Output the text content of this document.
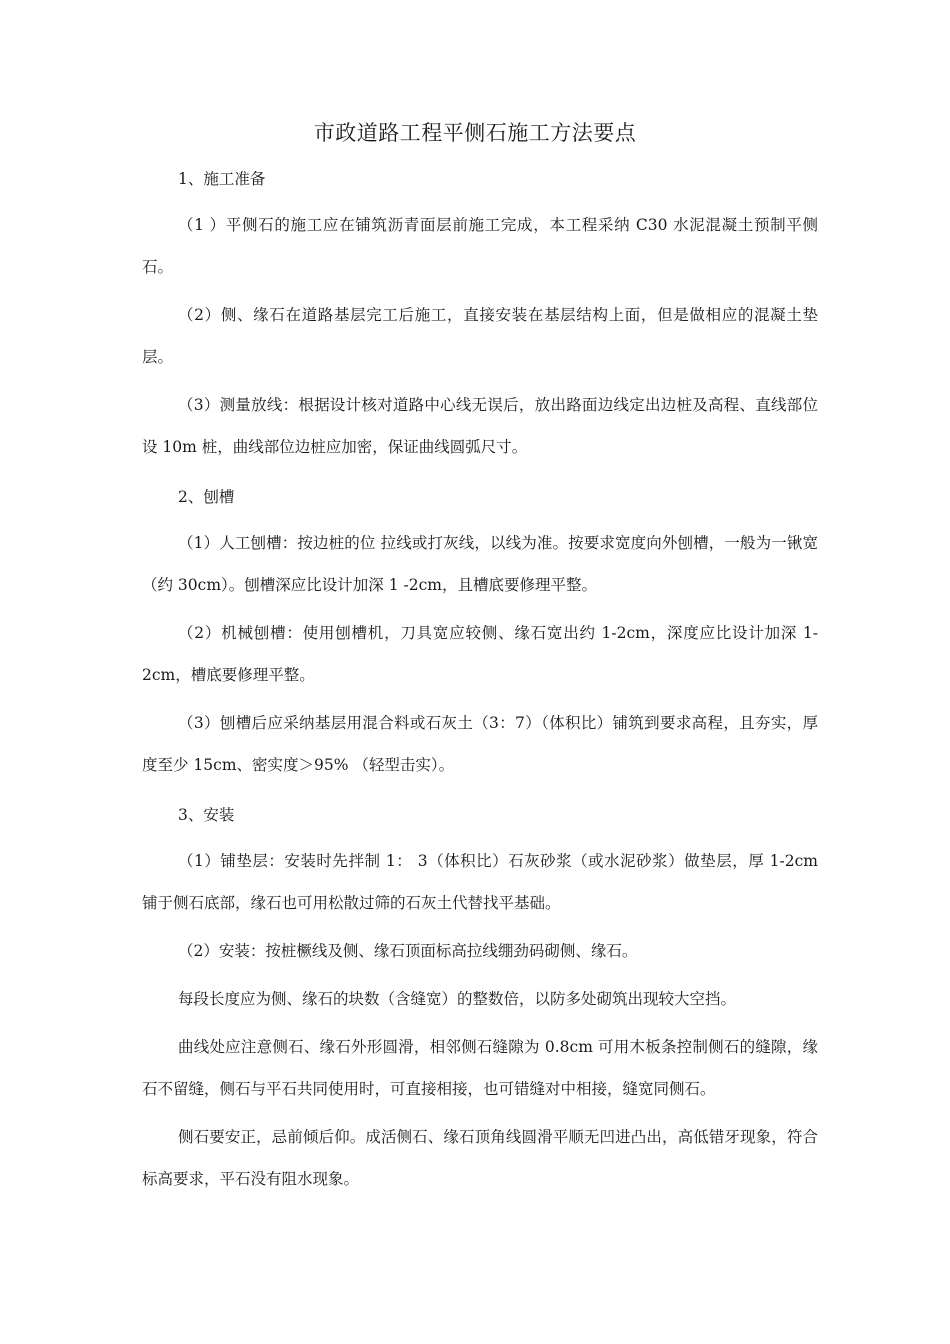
市政道路工程平侧石施工方法要点
1、施工准备

（1 ）平侧石的施工应在铺筑沥青面层前施工完成，本工程采纳 C30 水泥混凝土预制平侧石。

（2）侧、缘石在道路基层完工后施工，直接安装在基层结构上面，但是做相应的混凝土垫层。

（3）测量放线：根据设计核对道路中心线无误后，放出路面边线定出边桩及高程、直线部位设 10m 桩，曲线部位边桩应加密，保证曲线圆弧尺寸。

2、刨槽

（1）人工刨槽：按边桩的位 拉线或打灰线，以线为准。按要求宽度向外刨槽，一般为一锹宽（约 30cm）。刨槽深应比设计加深 1 -2cm，且槽底要修理平整。

（2）机械刨槽：使用刨槽机，刀具宽应较侧、缘石宽出约 1-2cm，深度应比设计加深 1-2cm，槽底要修理平整。

（3）刨槽后应采纳基层用混合料或石灰土（3：7）（体积比）铺筑到要求高程，且夯实，厚度至少 15cm、密实度＞95% （轻型击实）。

3、安装

（1）铺垫层：安装时先拌制 1： 3（体积比）石灰砂浆（或水泥砂浆）做垫层，厚 1-2cm 铺于侧石底部，缘石也可用松散过筛的石灰土代替找平基础。

（2）安装：按桩橛线及侧、缘石顶面标高拉线绷劲码砌侧、缘石。

每段长度应为侧、缘石的块数（含缝宽）的整数倍，以防多处砌筑出现较大空挡。

曲线处应注意侧石、缘石外形圆滑，相邻侧石缝隙为 0.8cm 可用木板条控制侧石的缝隙，缘石不留缝，侧石与平石共同使用时，可直接相接，也可错缝对中相接，缝宽同侧石。

侧石要安正，忌前倾后仰。成活侧石、缘石顶角线圆滑平顺无凹进凸出，高低错牙现象，符合标高要求，平石没有阻水现象。
